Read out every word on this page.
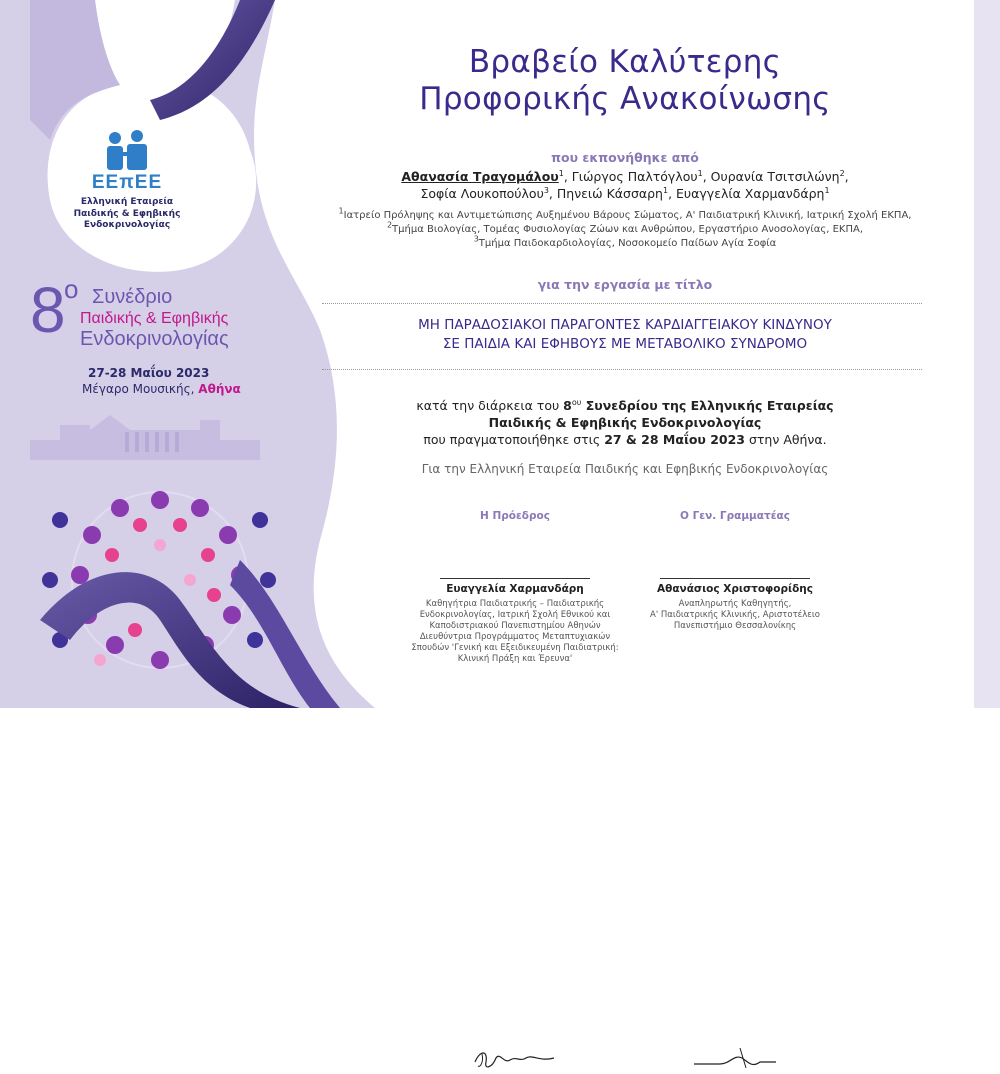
ΕΕπΕΕ
Ελληνική Εταιρεία
Παιδικής & Εφηβικής
Ενδοκρινολογίας
8
ο Συνέδριο
Παιδικής & Εφηβικής
Ενδοκρινολογίας
27-28 Μαΐου 2023
Μέγαρο Μουσικής, Αθήνα
Βραβείο Καλύτερης
Προφορικής Ανακοίνωσης
που εκπονήθηκε από
Αθανασία Τραγομάλου$^1$, Γιώργος Παλτόγλου$^1$, Ουρανία Τσιτσιλώνη$^2$,
Σοφία Λουκοπούλου$^3$, Πηνειώ Κάσσαρη$^1$, Ευαγγελία Χαρμανδάρη$^1$
$^1$Ιατρείο Πρόληψης και Αντιμετώπισης Αυξημένου Βάρους Σώματος, Α' Παιδιατρική Κλινική, Ιατρική Σχολή ΕΚΠΑ,
$^2$Τμήμα Βιολογίας, Τομέας Φυσιολογίας Ζώων και Ανθρώπου, Εργαστήριο Ανοσολογίας, ΕΚΠΑ,
$^3$Τμήμα Παιδοκαρδιολογίας, Νοσοκομείο Παίδων Αγία Σοφία
για την εργασία με τίτλο
ΜΗ ΠΑΡΑΔΟΣΙΑΚΟΙ ΠΑΡΑΓΟΝΤΕΣ ΚΑΡΔΙΑΓΓΕΙΑΚΟΥ ΚΙΝΔΥΝΟΥ
ΣΕ ΠΑΙΔΙΑ ΚΑΙ ΕΦΗΒΟΥΣ ΜΕ ΜΕΤΑΒΟΛΙΚΟ ΣΥΝΔΡΟΜΟ
κατά την διάρκεια του $8^{o\upsilon}$ Συνεδρίου της Ελληνικής Εταιρείας
Παιδικής & Εφηβικής Ενδοκρινολογίας
που πραγματοποιήθηκε στις 27 & 28 Μαΐου 2023 στην Αθήνα.
Για την Ελληνική Εταιρεία Παιδικής και Εφηβικής Ενδοκρινολογίας
Η Πρόεδρος
Ευαγγελία Χαρμανδάρη
Καθηγήτρια Παιδιατρικής – Παιδιατρικής
Ενδοκρινολογίας, Ιατρική Σχολή Εθνικού και
Καποδιστριακού Πανεπιστημίου Αθηνών
Διευθύντρια Προγράμματος Μεταπτυχιακών
Σπουδών 'Γενική και Εξειδικευμένη Παιδιατρική:
Κλινική Πράξη και Έρευνα'
Ο Γεν. Γραμματέας
Αθανάσιος Χριστοφορίδης
Αναπληρωτής Καθηγητής,
Α' Παιδιατρικής Κλινικής, Αριστοτέλειο
Πανεπιστήμιο Θεσσαλονίκης
